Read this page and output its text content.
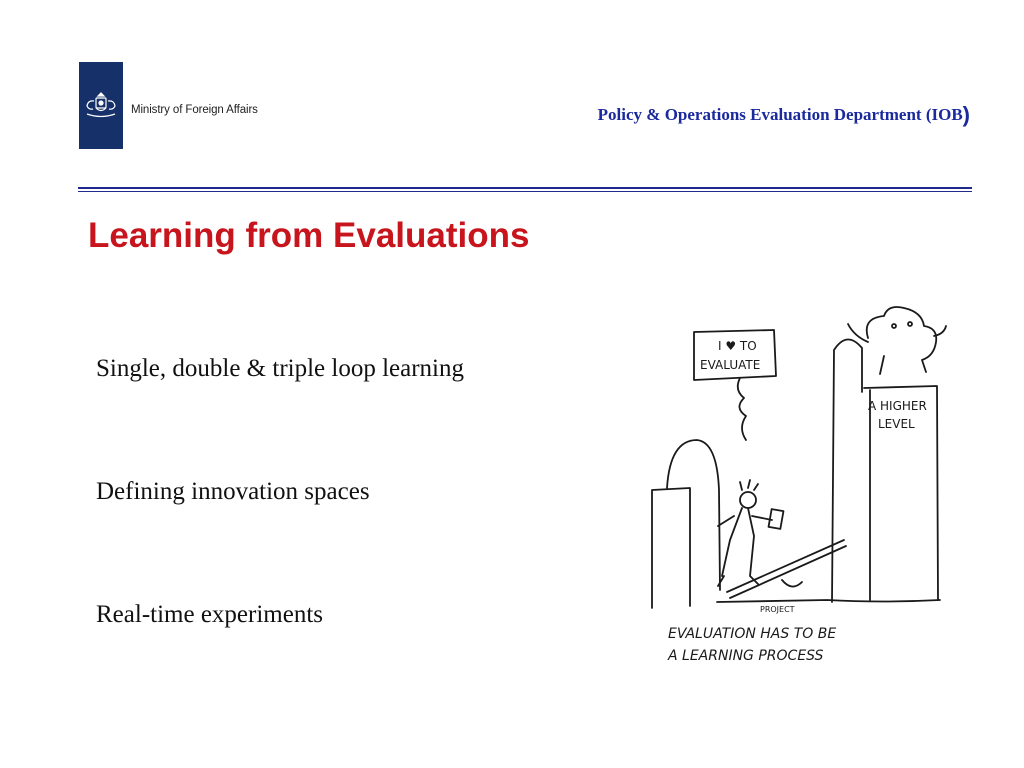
Ministry of Foreign Affairs	Policy & Operations Evaluation Department (IOB)
Learning from Evaluations
Single, double & triple loop learning
Defining innovation spaces
Real-time experiments
I ♥ TO
EVALUATE
A HIGHER
LEVEL
PROJECT
EVALUATION HAS TO BE
A LEARNING PROCESS
